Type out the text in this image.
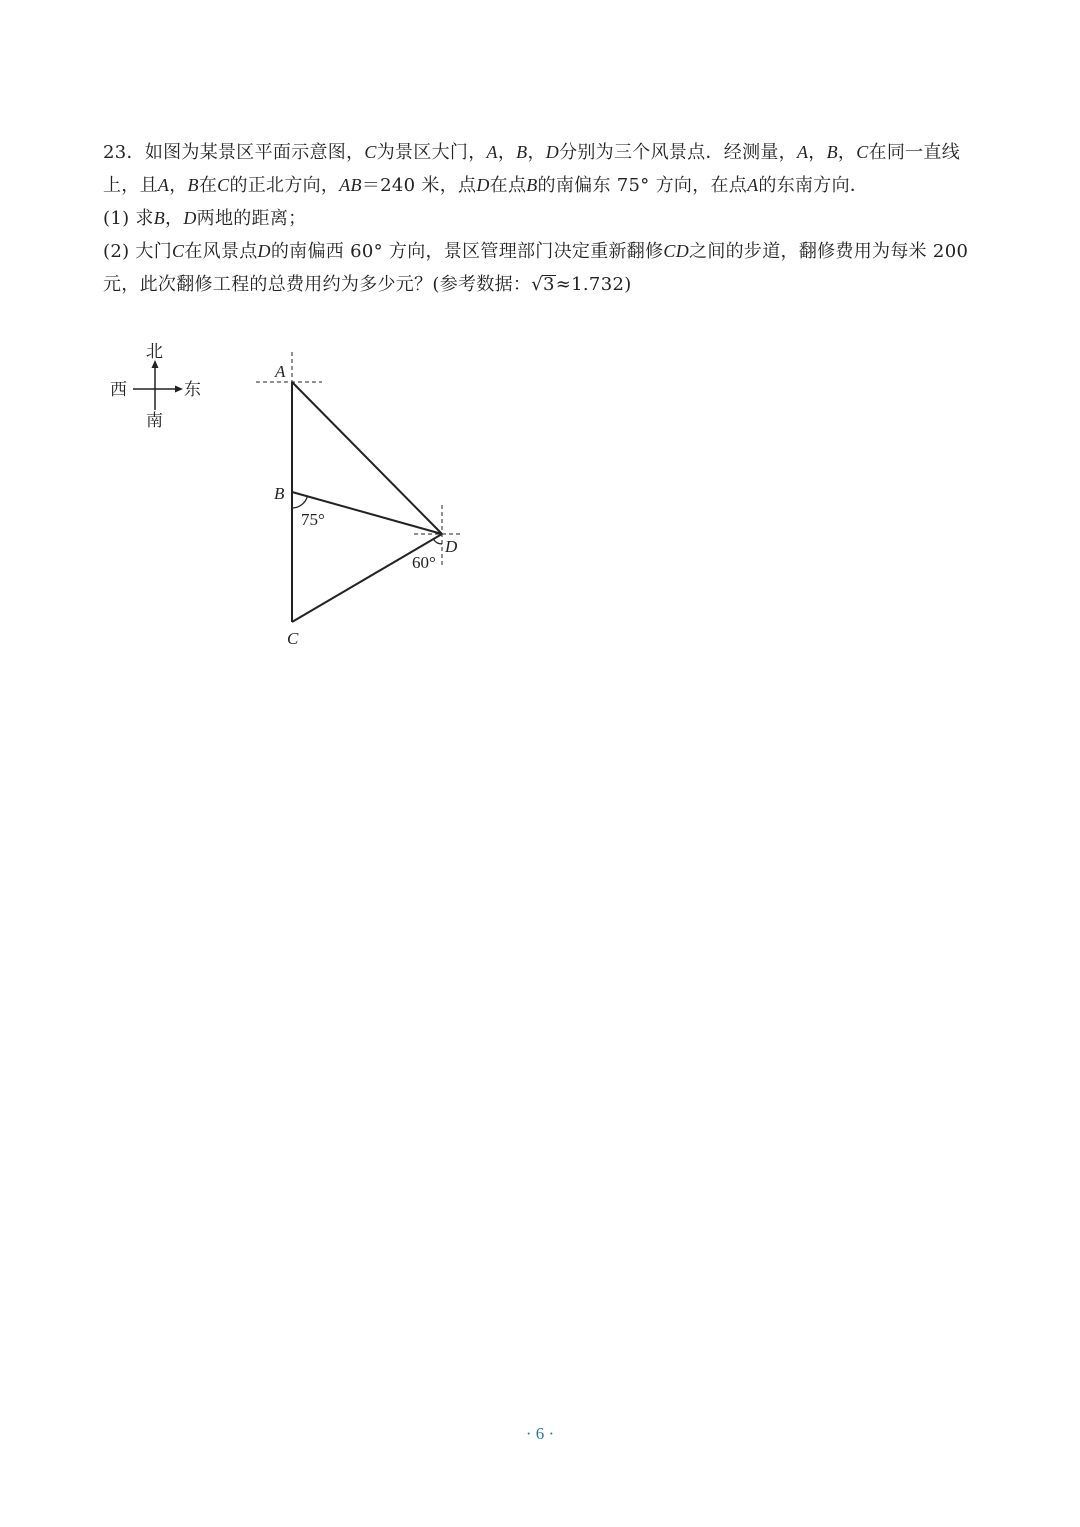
23．如图为某景区平面示意图，C为景区大门，A，B，D分别为三个风景点．经测量，A，B，C在同一直线上，且A，B在C的正北方向，AB＝240 米，点D在点B的南偏东 75° 方向，在点A的东南方向．

(1) 求B，D两地的距离；

(2) 大门C在风景点D的南偏西 60° 方向，景区管理部门决定重新翻修CD之间的步道，翻修费用为每米 200 元，此次翻修工程的总费用约为多少元？(参考数据：√3≈1.732)

北
南
西	东
A
B
C
D
75°
60°
· 6 ·
